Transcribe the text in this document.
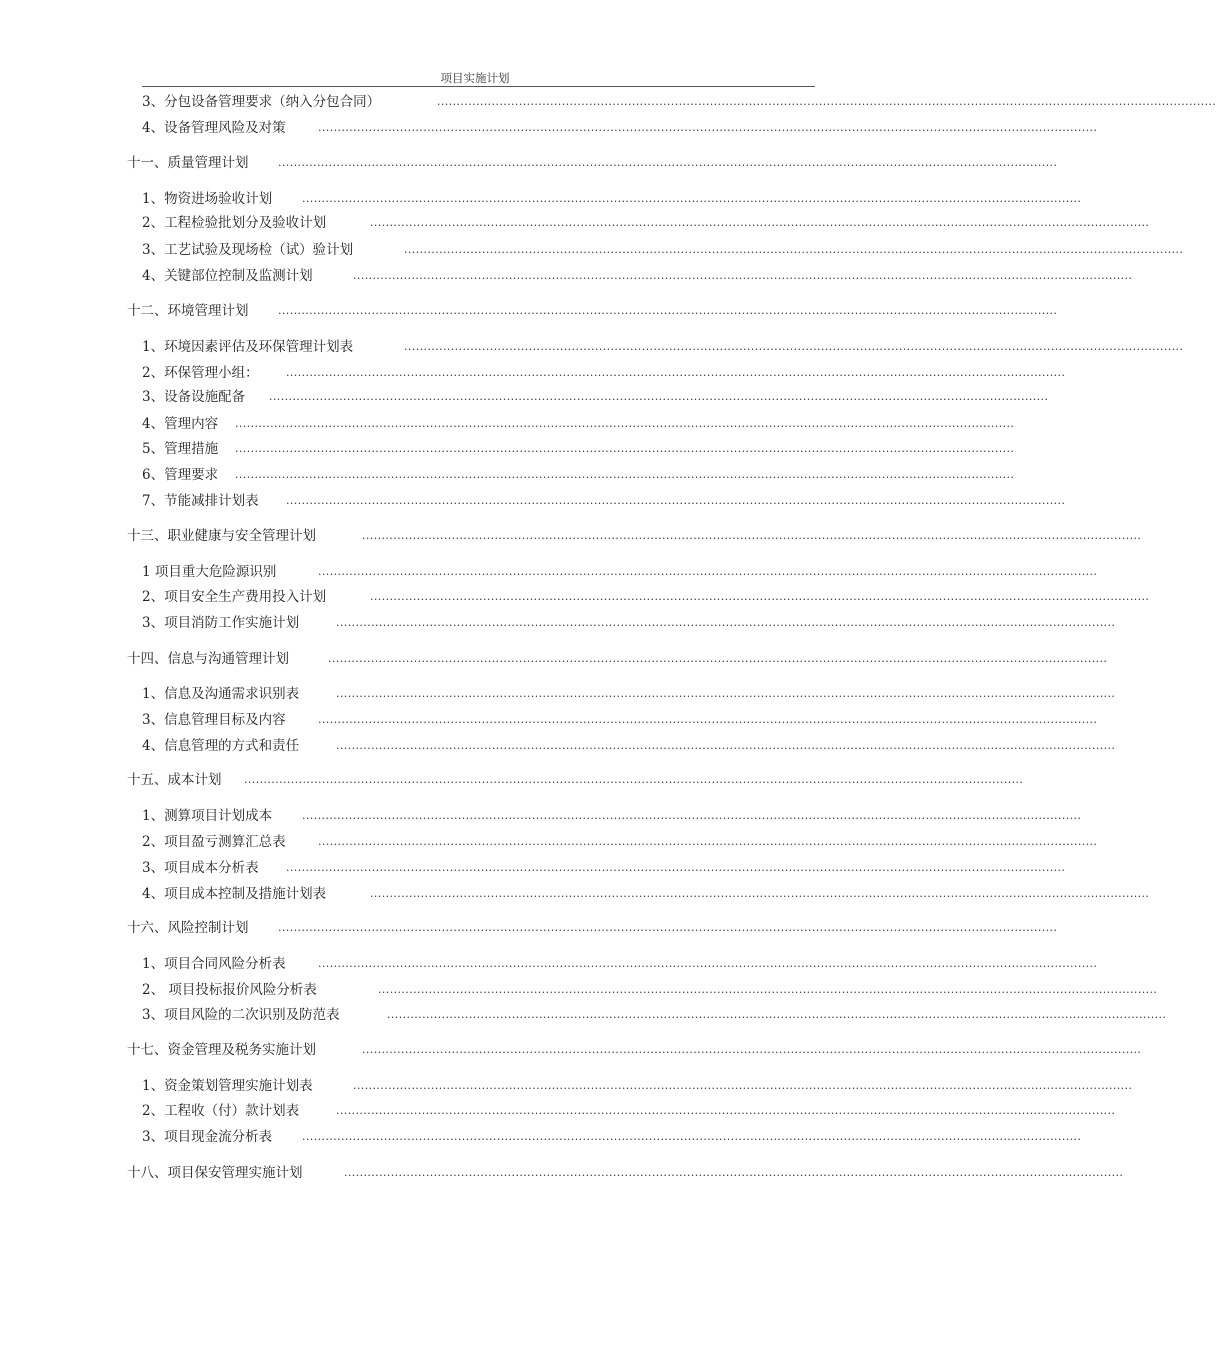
项目实施计划
3、分包设备管理要求（纳入分包合同）	........................................................................................................................................................................................................
4、设备管理风险及对策	........................................................................................................................................................................................................
十一、质量管理计划	........................................................................................................................................................................................................
1、物资进场验收计划	........................................................................................................................................................................................................
2、工程检验批划分及验收计划	........................................................................................................................................................................................................
3、工艺试验及现场检（试）验计划	........................................................................................................................................................................................................
4、关键部位控制及监测计划	........................................................................................................................................................................................................
十二、环境管理计划	........................................................................................................................................................................................................
1、环境因素评估及环保管理计划表	........................................................................................................................................................................................................
2、环保管理小组： ........................................................................................................................................................................................................
3、设备设施配备 ........................................................................................................................................................................................................
4、管理内容 ........................................................................................................................................................................................................
5、管理措施 ........................................................................................................................................................................................................
6、管理要求 ........................................................................................................................................................................................................
7、节能减排计划表 ........................................................................................................................................................................................................
十三、职业健康与安全管理计划	........................................................................................................................................................................................................
1 项目重大危险源识别	........................................................................................................................................................................................................
2、项目安全生产费用投入计划	........................................................................................................................................................................................................
3、项目消防工作实施计划	........................................................................................................................................................................................................
十四、信息与沟通管理计划	........................................................................................................................................................................................................
1、信息及沟通需求识别表	........................................................................................................................................................................................................
3、信息管理目标及内容	........................................................................................................................................................................................................
4、信息管理的方式和责任	........................................................................................................................................................................................................
十五、成本计划 ........................................................................................................................................................................................................
1、测算项目计划成本	........................................................................................................................................................................................................
2、项目盈亏测算汇总表	........................................................................................................................................................................................................
3、项目成本分析表 ........................................................................................................................................................................................................
4、项目成本控制及措施计划表	........................................................................................................................................................................................................
十六、风险控制计划	........................................................................................................................................................................................................
1、项目合同风险分析表	........................................................................................................................................................................................................
2、 项目投标报价风险分析表	........................................................................................................................................................................................................
3、项目风险的二次识别及防范表	........................................................................................................................................................................................................
十七、资金管理及税务实施计划	........................................................................................................................................................................................................
1、资金策划管理实施计划表	........................................................................................................................................................................................................
2、工程收（付）款计划表	........................................................................................................................................................................................................
3、项目现金流分析表	........................................................................................................................................................................................................
十八、项目保安管理实施计划	........................................................................................................................................................................................................
